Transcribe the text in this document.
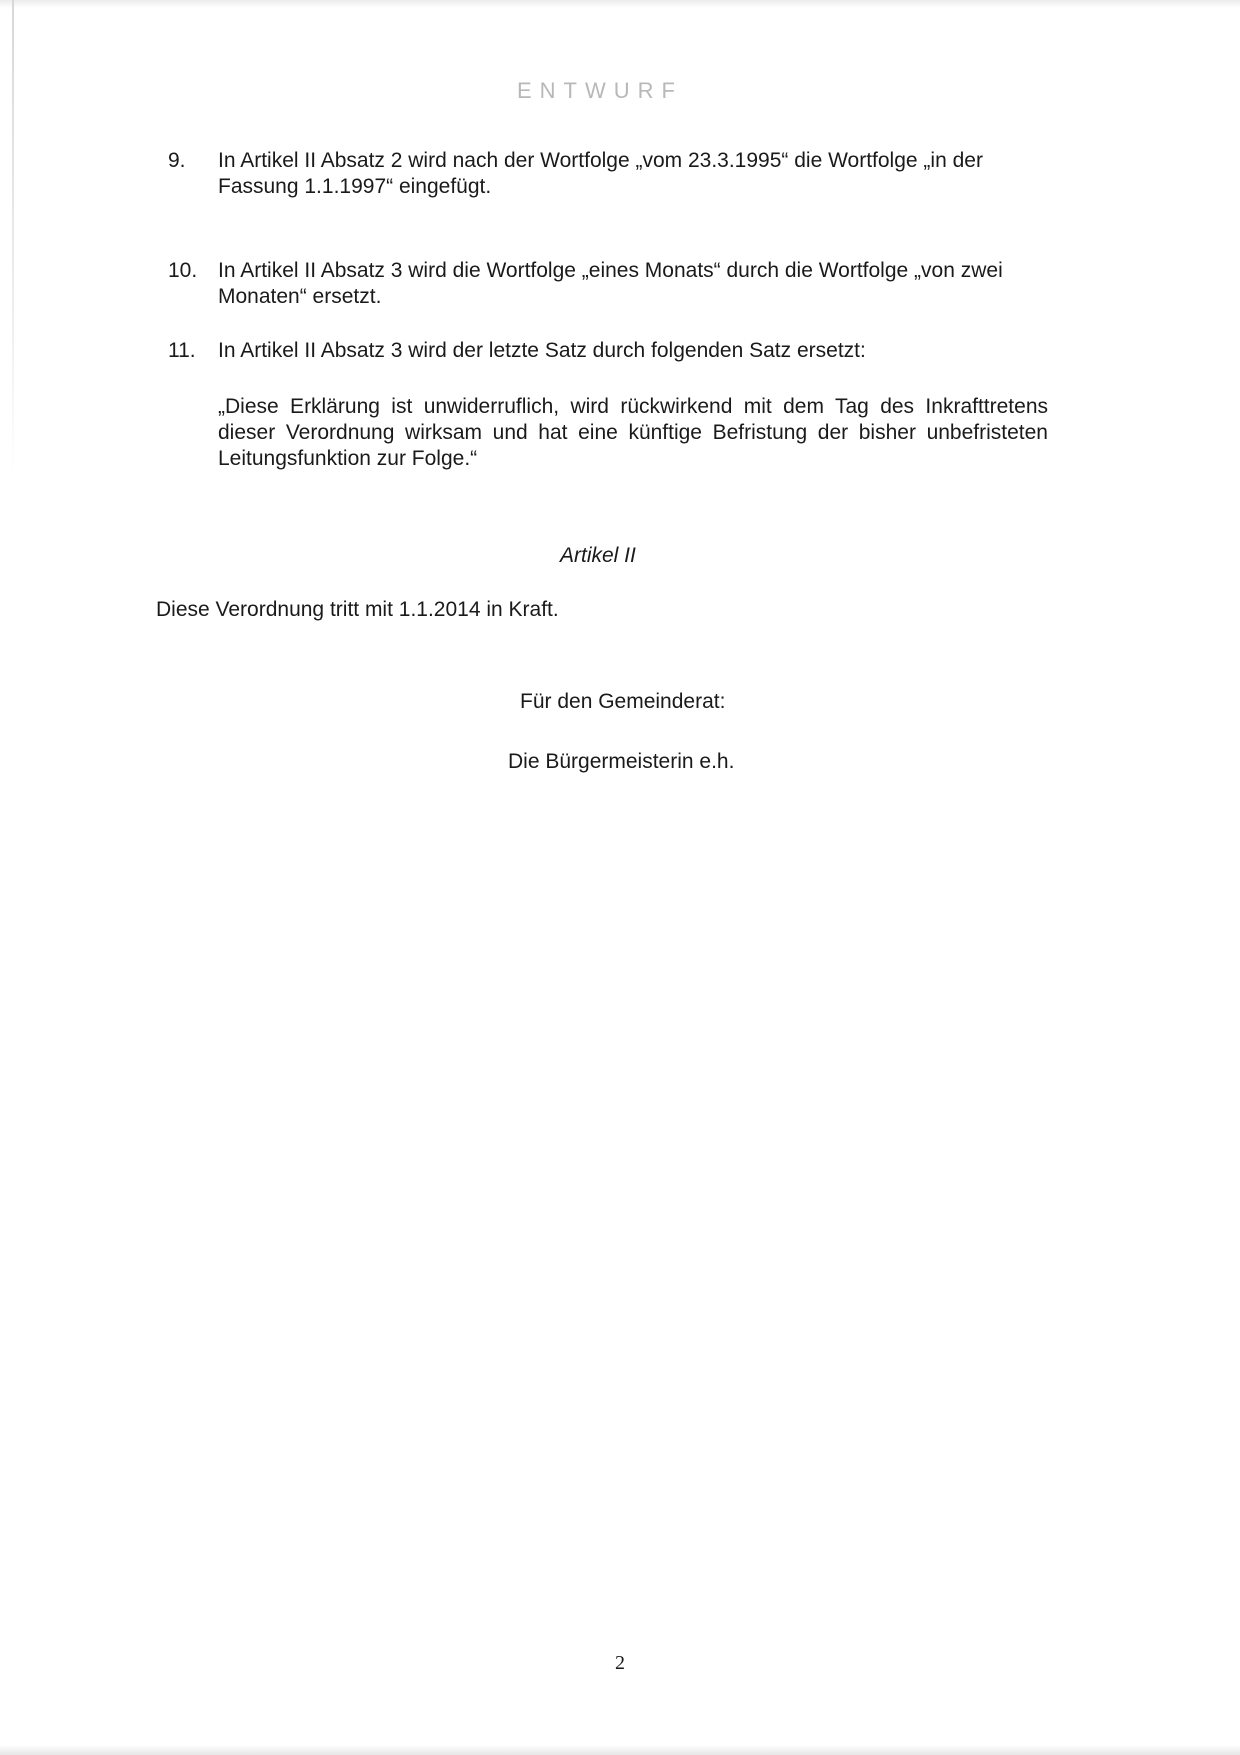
ENTWURF
9. In Artikel II Absatz 2 wird nach der Wortfolge „vom 23.3.1995“ die Wortfolge „in der Fassung 1.1.1997“ eingefügt.
10. In Artikel II Absatz 3 wird die Wortfolge „eines Monats“ durch die Wortfolge „von zwei Monaten“ ersetzt.
11. In Artikel II Absatz 3 wird der letzte Satz durch folgenden Satz ersetzt:
„Diese Erklärung ist unwiderruflich, wird rückwirkend mit dem Tag des Inkrafttretens dieser Verordnung wirksam und hat eine künftige Befristung der bisher unbefristeten Leitungsfunktion zur Folge.“
Artikel II
Diese Verordnung tritt mit 1.1.2014 in Kraft.
Für den Gemeinderat:
Die Bürgermeisterin e.h.
2
